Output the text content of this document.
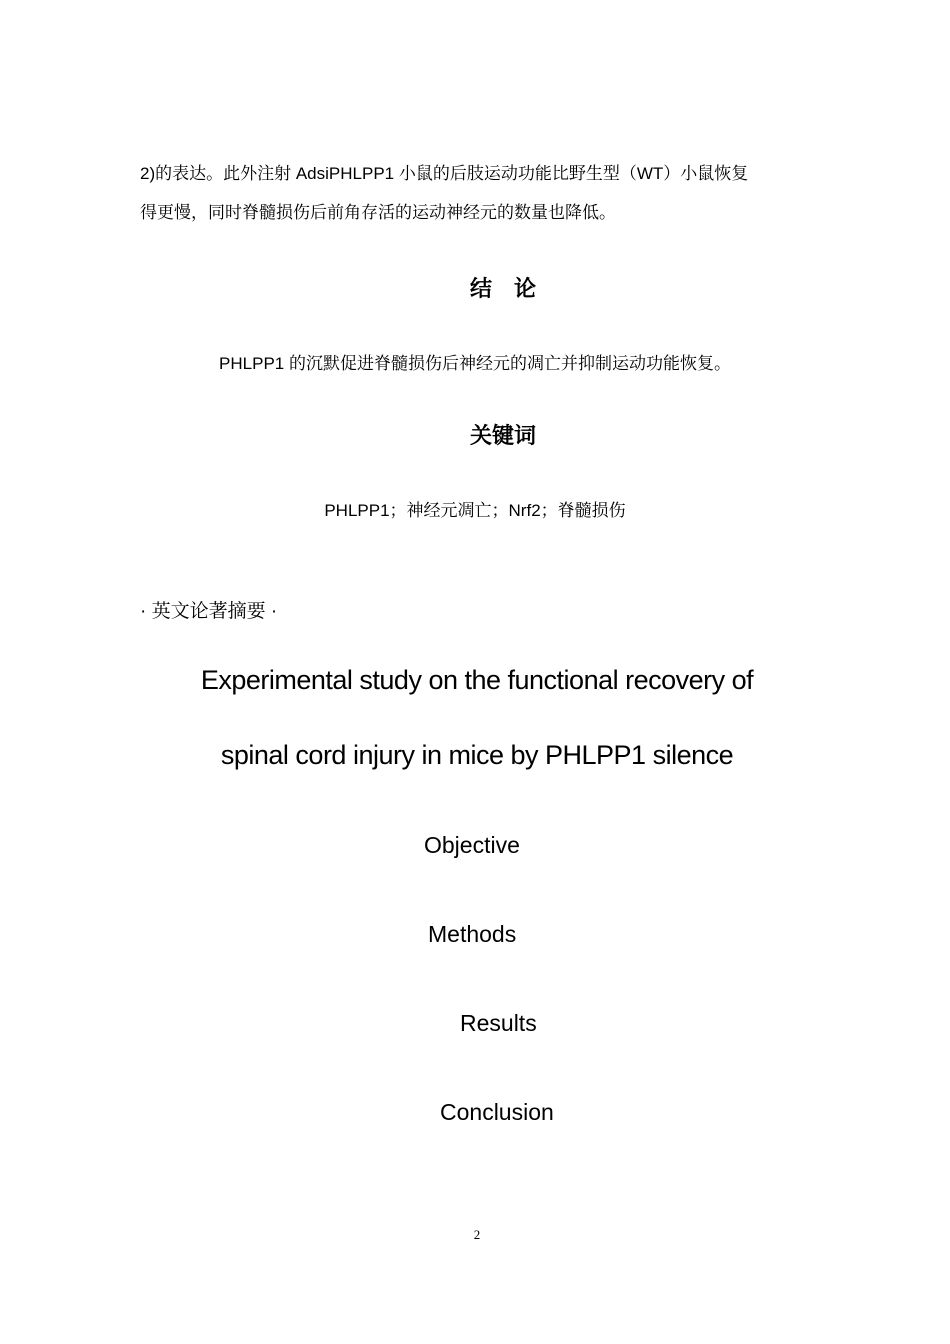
2)的表达。此外注射 AdsiPHLPP1 小鼠的后肢运动功能比野生型（WT）小鼠恢复
得更慢，同时脊髓损伤后前角存活的运动神经元的数量也降低。
结　论
PHLPP1 的沉默促进脊髓损伤后神经元的凋亡并抑制运动功能恢复。
关键词
PHLPP1；神经元凋亡；Nrf2；脊髓损伤
· 英文论著摘要 ·
Experimental study on the functional recovery of
spinal cord injury in mice by PHLPP1 silence
Objective
Methods
Results
Conclusion
2
